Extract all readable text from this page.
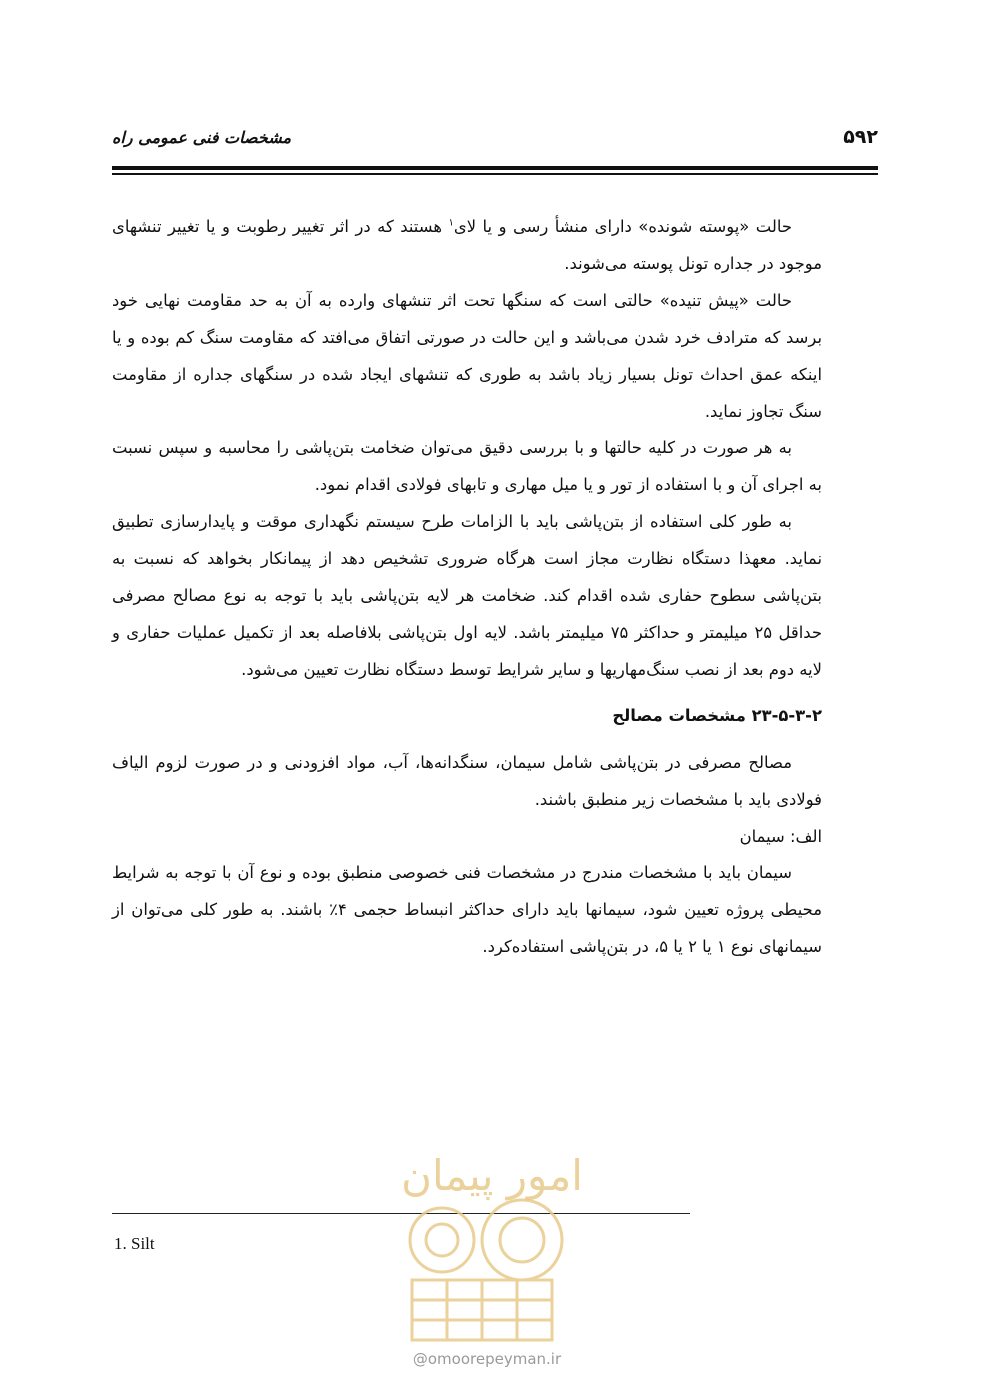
مشخصات فنی عمومی راه	۵۹۲

حالت «پوسته شونده» دارای منشأ رسی و یا لای$^۱$ هستند که در اثر تغییر رطوبت و یا تغییر تنشهای موجود در جداره تونل پوسته می‌شوند.

حالت «پیش تنیده» حالتی است که سنگها تحت اثر تنشهای وارده به آن به حد مقاومت نهایی خود برسد که مترادف خرد شدن می‌باشد و این حالت در صورتی اتفاق می‌افتد که مقاومت سنگ کم بوده و یا اینکه عمق احداث تونل بسیار زیاد باشد به طوری که تنشهای ایجاد شده در سنگهای جداره از مقاومت سنگ تجاوز نماید.

به هر صورت در کلیه حالتها و با بررسی دقیق می‌توان ضخامت بتن‌پاشی را محاسبه و سپس نسبت به اجرای آن و با استفاده از تور و یا میل مهاری و تابهای فولادی اقدام نمود.

به طور کلی استفاده از بتن‌پاشی باید با الزامات طرح سیستم نگهداری موقت و پایدارسازی تطبیق نماید. معهذا دستگاه نظارت مجاز است هرگاه ضروری تشخیص دهد از پیمانکار بخواهد که نسبت به بتن‌پاشی سطوح حفاری شده اقدام کند. ضخامت هر لایه بتن‌پاشی باید با توجه به نوع مصالح مصرفی حداقل ۲۵ میلیمتر و حداکثر ۷۵ میلیمتر باشد. لایه اول بتن‌پاشی بلافاصله بعد از تکمیل عملیات حفاری و لایه دوم بعد از نصب سنگ‌مهاریها و سایر شرایط توسط دستگاه نظارت تعیین می‌شود.

۲۳-۵-۳-۲ مشخصات مصالح

مصالح مصرفی در بتن‌پاشی شامل سیمان، سنگدانه‌ها، آب، مواد افزودنی و در صورت لزوم الیاف فولادی باید با مشخصات زیر منطبق باشند.

الف: سیمان

سیمان باید با مشخصات مندرج در مشخصات فنی خصوصی منطبق بوده و نوع آن با توجه به شرایط محیطی پروژه تعیین شود، سیمانها باید دارای حداکثر انبساط حجمی ۴٪ باشند. به طور کلی می‌توان از سیمانهای نوع ۱ یا ۲ یا ۵، در بتن‌پاشی استفاده‌کرد.

1. Silt
امور پیمان
@omoorepeyman.ir
